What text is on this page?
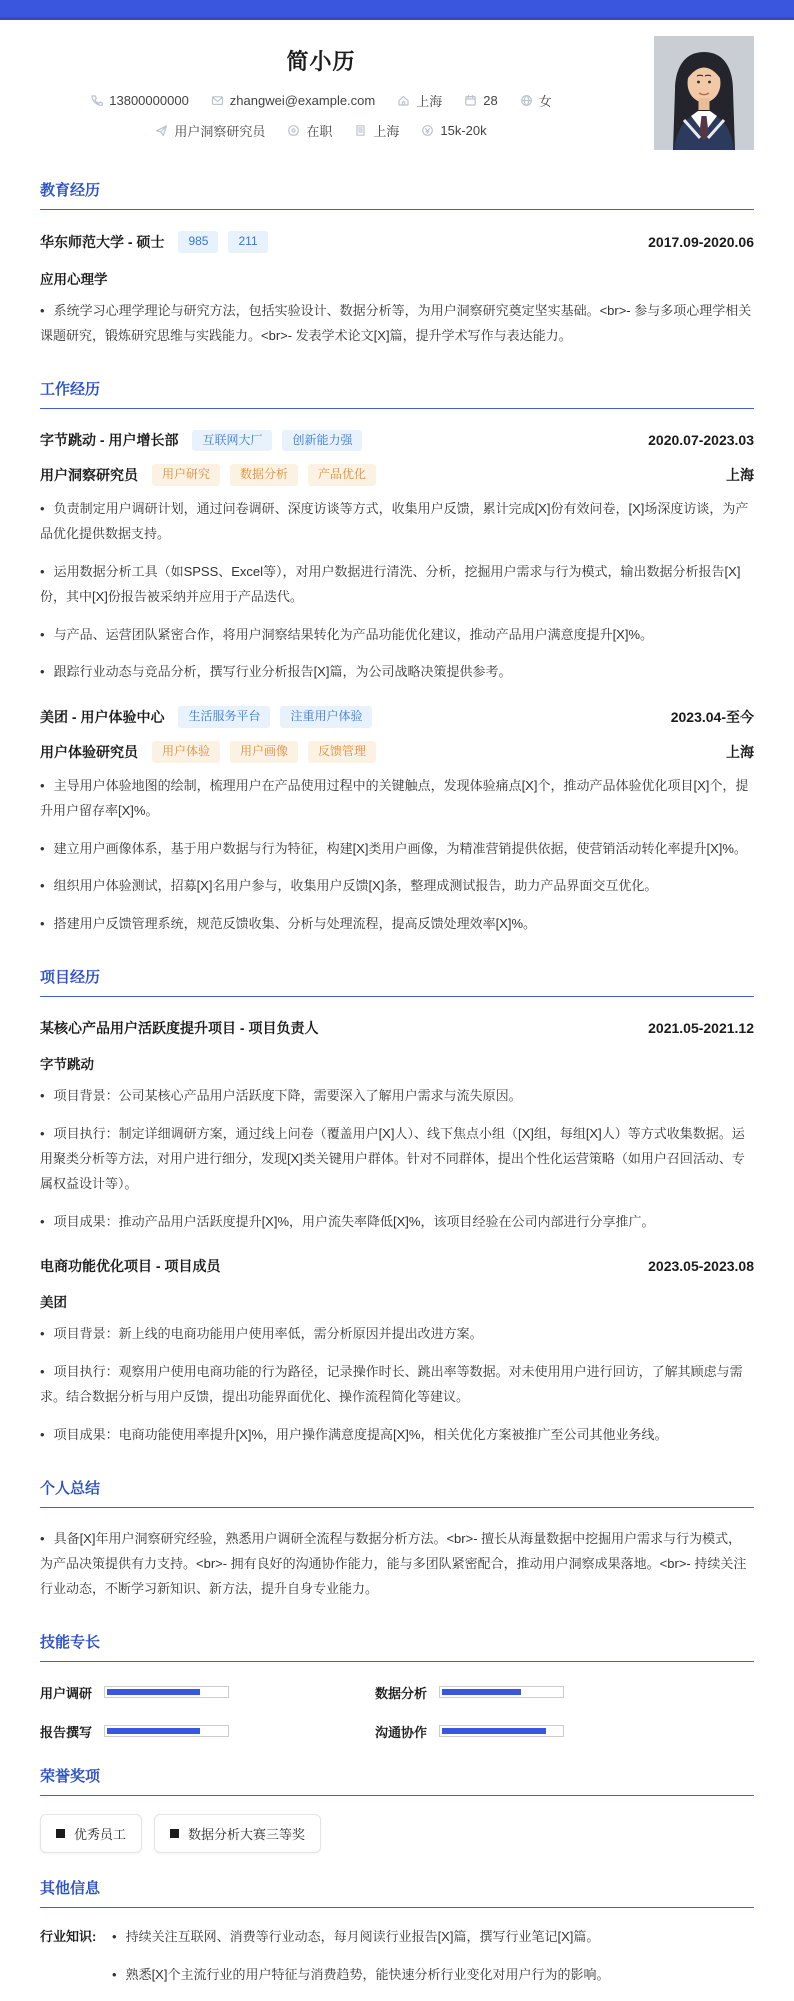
简小历
13800000000	zhangwei@example.com	上海	28	女
用户洞察研究员	在职	上海	15k-20k
教育经历
华东师范大学 - 硕士	985	211	2017.09-2020.06
应用心理学

• 系统学习心理学理论与研究方法，包括实验设计、数据分析等，为用户洞察研究奠定坚实基础。<br>- 参与多项心理学相关课题研究，锻炼研究思维与实践能力。<br>- 发表学术论文[X]篇，提升学术写作与表达能力。

工作经历
字节跳动 - 用户增长部	互联网大厂	创新能力强	2020.07-2023.03
用户洞察研究员	用户研究	数据分析	产品优化	上海

• 负责制定用户调研计划，通过问卷调研、深度访谈等方式，收集用户反馈，累计完成[X]份有效问卷，[X]场深度访谈，为产品优化提供数据支持。

• 运用数据分析工具（如SPSS、Excel等），对用户数据进行清洗、分析，挖掘用户需求与行为模式，输出数据分析报告[X]份，其中[X]份报告被采纳并应用于产品迭代。

• 与产品、运营团队紧密合作，将用户洞察结果转化为产品功能优化建议，推动产品用户满意度提升[X]%。

• 跟踪行业动态与竞品分析，撰写行业分析报告[X]篇，为公司战略决策提供参考。

美团 - 用户体验中心	生活服务平台	注重用户体验	2023.04-至今
用户体验研究员	用户体验	用户画像	反馈管理	上海

• 主导用户体验地图的绘制，梳理用户在产品使用过程中的关键触点，发现体验痛点[X]个，推动产品体验优化项目[X]个，提升用户留存率[X]%。

• 建立用户画像体系，基于用户数据与行为特征，构建[X]类用户画像，为精准营销提供依据，使营销活动转化率提升[X]%。

• 组织用户体验测试，招募[X]名用户参与，收集用户反馈[X]条，整理成测试报告，助力产品界面交互优化。

• 搭建用户反馈管理系统，规范反馈收集、分析与处理流程，提高反馈处理效率[X]%。

项目经历
某核心产品用户活跃度提升项目 - 项目负责人	2021.05-2021.12
字节跳动

• 项目背景：公司某核心产品用户活跃度下降，需要深入了解用户需求与流失原因。

• 项目执行：制定详细调研方案，通过线上问卷（覆盖用户[X]人）、线下焦点小组（[X]组，每组[X]人）等方式收集数据。运用聚类分析等方法，对用户进行细分，发现[X]类关键用户群体。针对不同群体，提出个性化运营策略（如用户召回活动、专属权益设计等）。

• 项目成果：推动产品用户活跃度提升[X]%，用户流失率降低[X]%，该项目经验在公司内部进行分享推广。

电商功能优化项目 - 项目成员	2023.05-2023.08
美团

• 项目背景：新上线的电商功能用户使用率低，需分析原因并提出改进方案。

• 项目执行：观察用户使用电商功能的行为路径，记录操作时长、跳出率等数据。对未使用用户进行回访，了解其顾虑与需求。结合数据分析与用户反馈，提出功能界面优化、操作流程简化等建议。

• 项目成果：电商功能使用率提升[X]%，用户操作满意度提高[X]%，相关优化方案被推广至公司其他业务线。

个人总结

• 具备[X]年用户洞察研究经验，熟悉用户调研全流程与数据分析方法。<br>- 擅长从海量数据中挖掘用户需求与行为模式，为产品决策提供有力支持。<br>- 拥有良好的沟通协作能力，能与多团队紧密配合，推动用户洞察成果落地。<br>- 持续关注行业动态，不断学习新知识、新方法，提升自身专业能力。

技能专长
用户调研	数据分析
报告撰写	沟通协作
荣誉奖项
优秀员工	数据分析大赛三等奖
其他信息
行业知识:	• 持续关注互联网、消费等行业动态，每月阅读行业报告[X]篇，撰写行业笔记[X]篇。

• 熟悉[X]个主流行业的用户特征与消费趋势，能快速分析行业变化对用户行为的影响。
